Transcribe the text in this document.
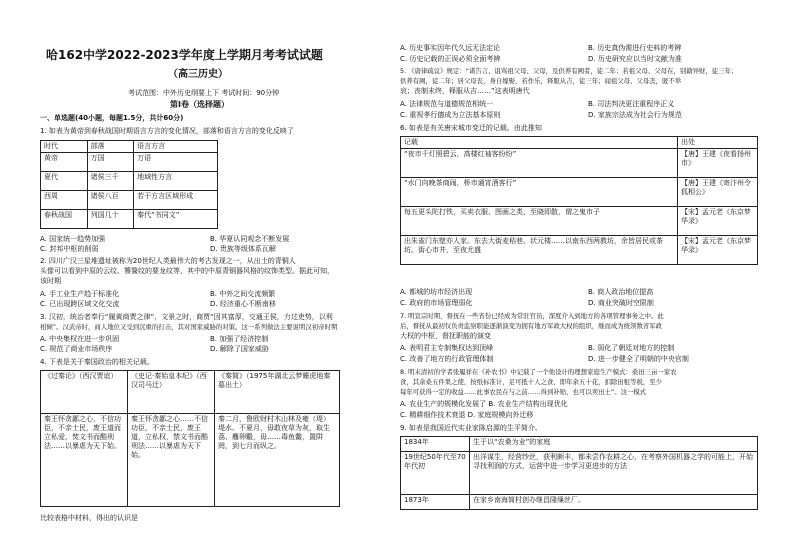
哈162中学2022-2023学年度上学期月考考试试题
（高三历史）
考试范围：中外历史纲要上下 考试时间：90分钟
第Ⅰ卷（选择题）
一、单选题(40小题，每题1.5分，共计60分)
1. 如表为黄帝到春秋战国时期语言方言的变化情况，部落和语言方言的变化反映了
时代	部落	语言方言
黄帝	万国	万语
夏代	诸侯三千	地域性方言
西周	诸侯八百	若干方言区域形成
春秋战国	列国几十	秦代“书同文”
A. 国家统一趋势加强	B. 华夏认同观念不断发展
C. 封邦中枢的削弱	D. 贵族等级体系瓦解
2. 四川广汉三星堆遗址被称为20世纪人类最伟大的考古发现之一，从出土的青铜人
头像可以看到中原的云纹、饕餮纹的要龙纹等，其中的中原青铜器风格的纹饰类型。据此可知，
该时期
A. 手工业生产趋于标准化	B. 中外之间交流频繁
C. 已出现跨区域文化交流	D. 经济重心不断南移
3. 汉初，统治者奉行“履黄商贾之律”，文景之时，商贾“因其富厚，交通王侯，力过吏势，以利
相倾”。汉武帝时，商人地位又受到沉重的打击，其对国家威胁的对策。这一系列做法主要说明汉初帝时期
A. 中央集权在进一步巩固	B. 加强了经济控制
C. 规范了商业市场秩序	D. 解除了国家威胁
4. 下表是关于秦国政治的相关记载。
《过秦论》（西汉贾谊）	《史记·秦始皇本纪》（西汉司马迁）	《秦简》（1975年湖北云梦睡虎地秦墓出土）
秦王怀贪鄙之心，不信功臣，不亲士民，废王道而立私爱，焚文书而酷刑法……以暴虐为天下始。	秦王怀贪鄙之心……不信功臣，不亲士民，废王道，立私权，禁文书而酷刑法……以暴虐为天下始。	秦二月，鲁欧财村木山林及雍（堤）堤水。不夏月，毋敢夜草为灰，取生荔、麛卵鷇，毋……毒鱼鳖，置阱罔，到七月而纵之。
比较表格中材料，得出的认识是
A. 历史事实因年代久远无法定论	B. 历史真伪需进行史料的考辨
C. 历史记载的正误必须全面考辨	D. 历史研究应以当时文献为准
5. 《唐律疏议》规定：“诸告言、诅骂祖父母、父母，及供养有阙者，徒二年；若祖父母、父母在，别籍异财，徒三年；
供养有阙，徒二年；居父母丧，身自嫁娶，若作乐，释服从吉，徒三年；闻祖父母、父母丧，匿不举
哀；丧制未终，释服从吉……”这表明唐代
A. 法律规范与道德规范相统一	B. 司法判决更注重程序正义
C. 重视孝行德成为立法基本原则	D. 家族宗法成为社会行为规范
6. 如表是有关唐宋城市变迁的记载。由此推知
记载	出处
“夜市千灯照碧云，高楼红袖客纷纷”	【唐】王建《夜看扬州市》
“水门向晚茶商闹，桥市通宵酒客行”	【唐】王建《寄汴州令狐相公》
每五更头陀打铁，买卖衣服、图画之类，至晓即散，谓之鬼市子	【宋】孟元老《东京梦华录》
出朱雀门东壁亦人家。东去大街麦秸巷、状元楼……以南东西两教坊，余皆居民或茶坊。街心市井，至夜尤盛	【宋】孟元老《东京梦华录》
A. 都城的坊市经济出现	B. 商人政治地位提高
C. 政府的市场管理弱化	D. 商业突破时空限制
7. 明宣宗时期，督抚在一些省份已经成为常驻官员，深度介入到地方的各项管理事务之中。此
后，督抚从最初仅负责监察职能逐渐演变为拥有地方军政大权的组织，继而成为统领数省军政
大权的中枢，督抚职能的演变
A. 表明君主专制集权达到顶峰	B. 弱化了朝廷对地方的控制
C. 改善了地方的行政管理体制	D. 进一步健全了明朝的中央官制
8. 明末清初的学者张履祥在《补农书》中记载了一个他设计的理想家庭生产模式：桑田三亩一家农
食，其余桑五件果之使，按纸标准计，足可抵十人之食，即年余五十花，扣除田租等税，至少
每年可获得一定的收益……此事农民在与之前……得到补贴，也可以卖田土”。这一模式
A. 农业生产的规模化发展了 B. 农业生产结构出现优化
C. 精耕细作技术衰退 D. 家庭规模向外迁移
9. 如表是我国近代实业家陈启源的生平简介。
1834年	生于以“农桑为业”的家庭
19世纪50年代至70年代初	出洋谋生，经营纱丝，获利颇丰，都未尝作农耕之心，在考察外国机器之学的可能上，开始寻找利润的方式，运营中进一步学习更进步的方法
1873年	在家乡南海简村创办继昌隆缫丝厂。
